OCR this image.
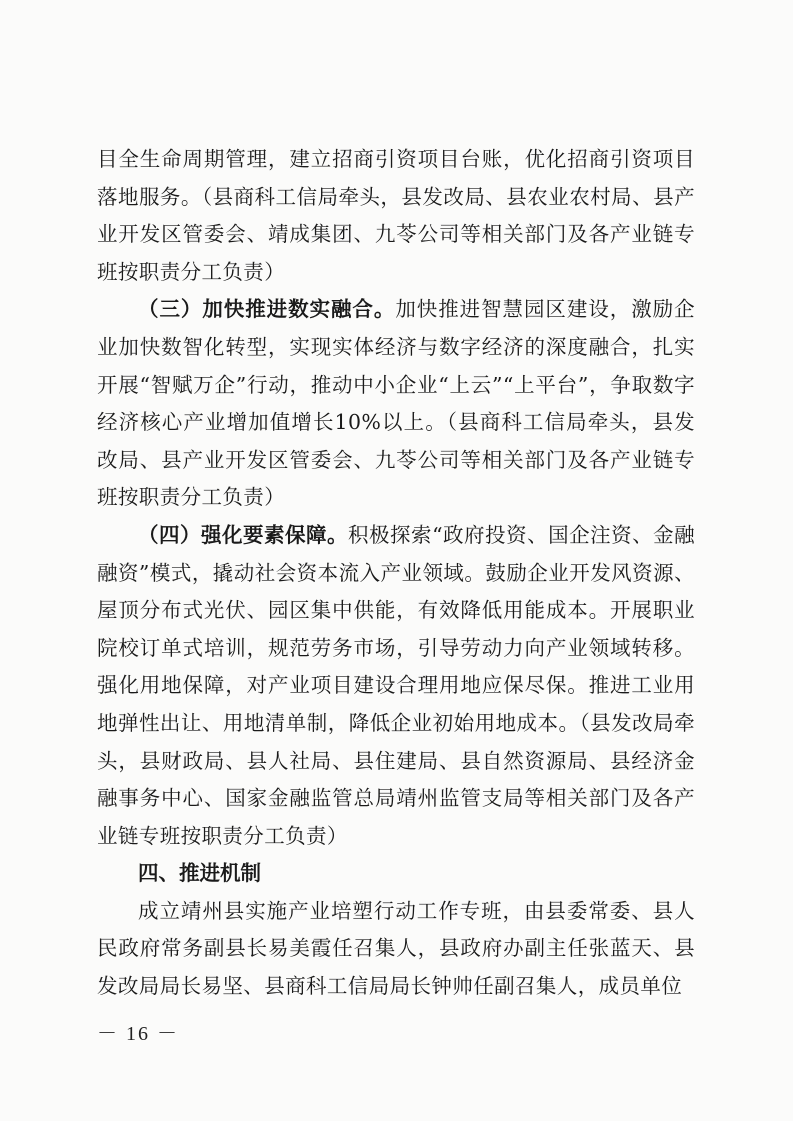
目全生命周期管理，建立招商引资项目台账，优化招商引资项目落地服务。（县商科工信局牵头，县发改局、县农业农村局、县产业开发区管委会、靖成集团、九苓公司等相关部门及各产业链专班按职责分工负责）

（三）加快推进数实融合。加快推进智慧园区建设，激励企业加快数智化转型，实现实体经济与数字经济的深度融合，扎实开展“智赋万企”行动，推动中小企业“上云”“上平台”，争取数字经济核心产业增加值增长10%以上。（县商科工信局牵头，县发改局、县产业开发区管委会、九苓公司等相关部门及各产业链专班按职责分工负责）

（四）强化要素保障。积极探索“政府投资、国企注资、金融融资”模式，撬动社会资本流入产业领域。鼓励企业开发风资源、屋顶分布式光伏、园区集中供能，有效降低用能成本。开展职业院校订单式培训，规范劳务市场，引导劳动力向产业领域转移。强化用地保障，对产业项目建设合理用地应保尽保。推进工业用地弹性出让、用地清单制，降低企业初始用地成本。（县发改局牵头，县财政局、县人社局、县住建局、县自然资源局、县经济金融事务中心、国家金融监管总局靖州监管支局等相关部门及各产业链专班按职责分工负责）

四、推进机制

成立靖州县实施产业培塑行动工作专班，由县委常委、县人民政府常务副县长易美霞任召集人，县政府办副主任张蓝天、县发改局局长易坚、县商科工信局局长钟帅任副召集人，成员单位

－ 16 －
